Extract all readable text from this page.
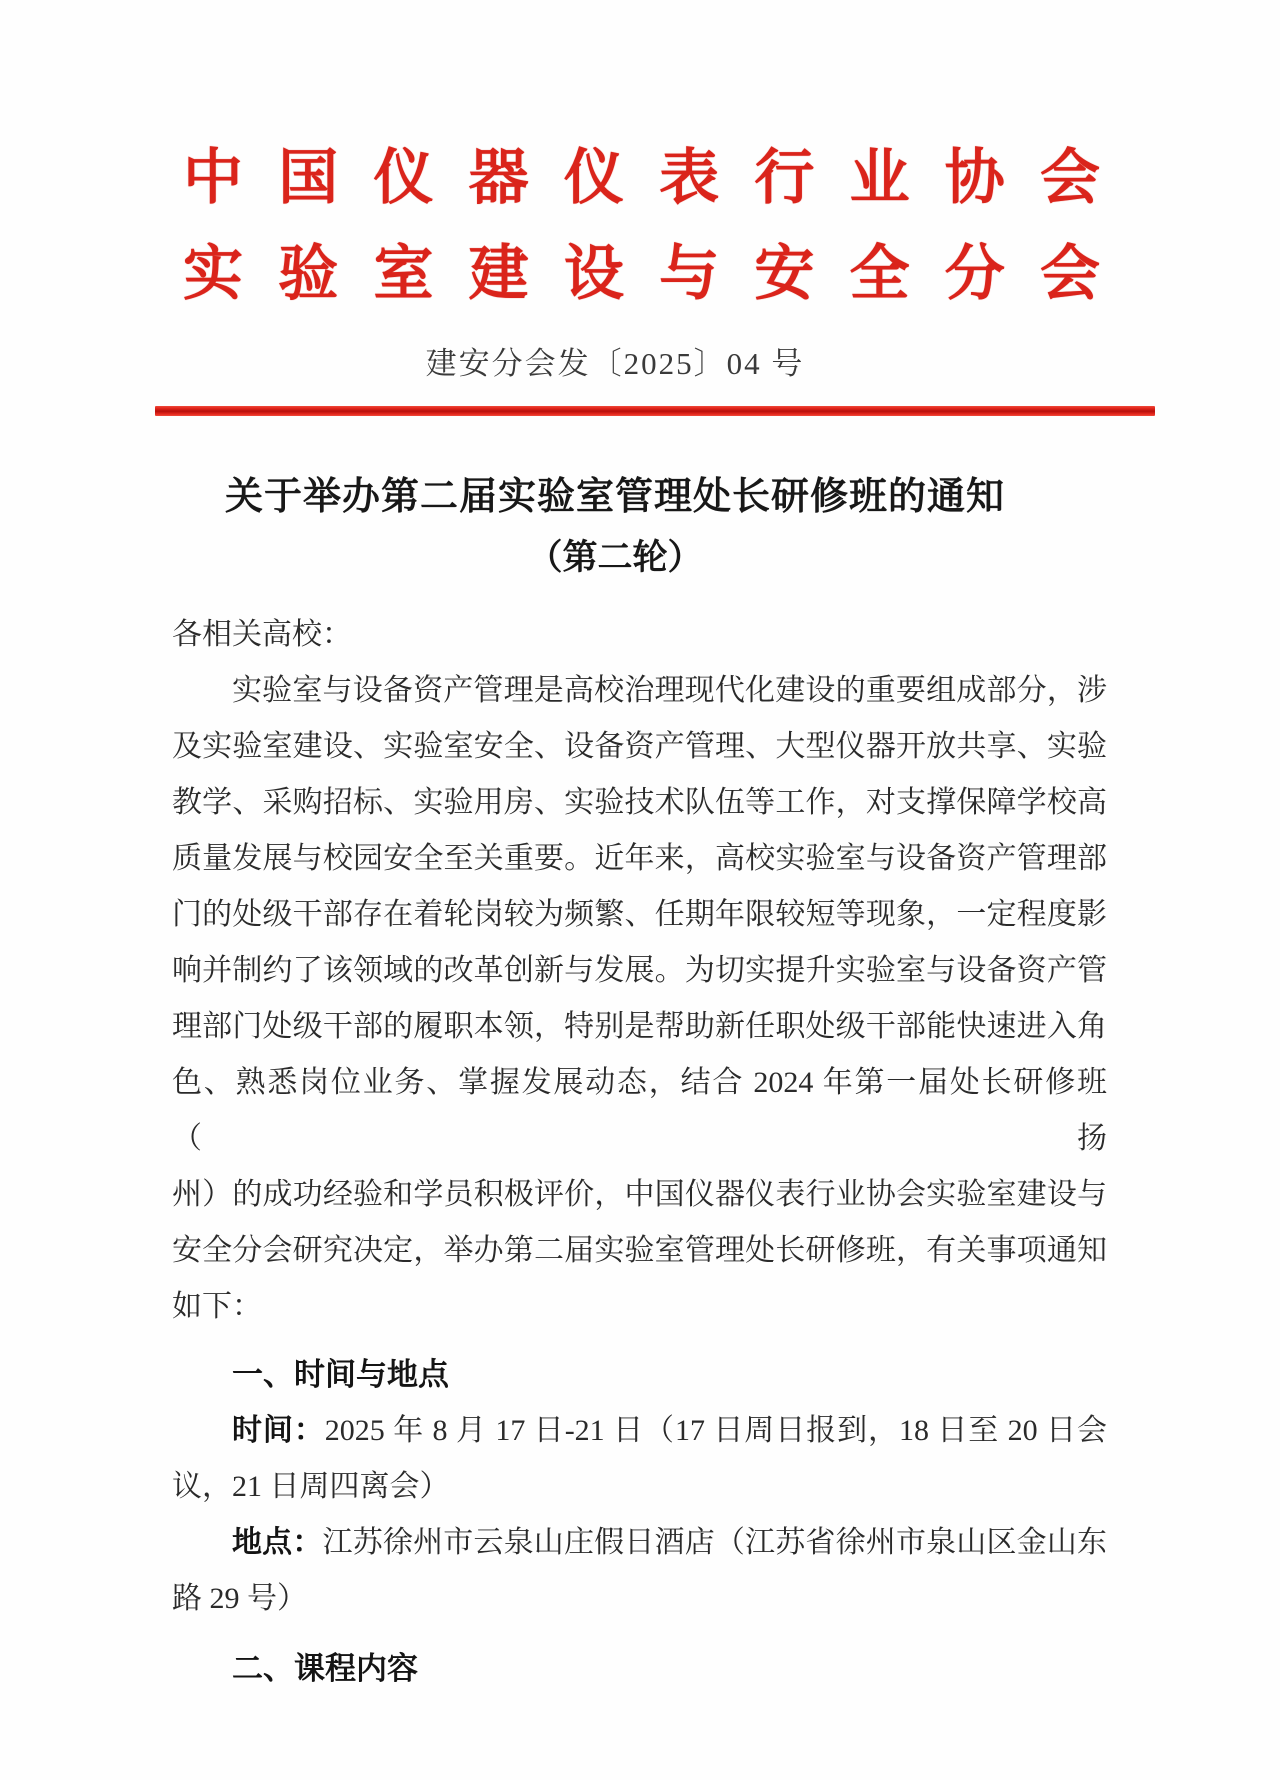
中国仪器仪表行业协会
实验室建设与安全分会
建安分会发〔2025〕04 号
关于举办第二届实验室管理处长研修班的通知
（第二轮）
各相关高校：
实验室与设备资产管理是高校治理现代化建设的重要组成部分，涉
及实验室建设、实验室安全、设备资产管理、大型仪器开放共享、实验
教学、采购招标、实验用房、实验技术队伍等工作，对支撑保障学校高
质量发展与校园安全至关重要。近年来，高校实验室与设备资产管理部
门的处级干部存在着轮岗较为频繁、任期年限较短等现象，一定程度影
响并制约了该领域的改革创新与发展。为切实提升实验室与设备资产管
理部门处级干部的履职本领，特别是帮助新任职处级干部能快速进入角
色、熟悉岗位业务、掌握发展动态，结合 2024 年第一届处长研修班（扬
州）的成功经验和学员积极评价，中国仪器仪表行业协会实验室建设与
安全分会研究决定，举办第二届实验室管理处长研修班，有关事项通知
如下：
一、时间与地点
时间：2025 年 8 月 17 日-21 日（17 日周日报到，18 日至 20 日会
议，21 日周四离会）
地点：江苏徐州市云泉山庄假日酒店（江苏省徐州市泉山区金山东
路 29 号）
二、课程内容
